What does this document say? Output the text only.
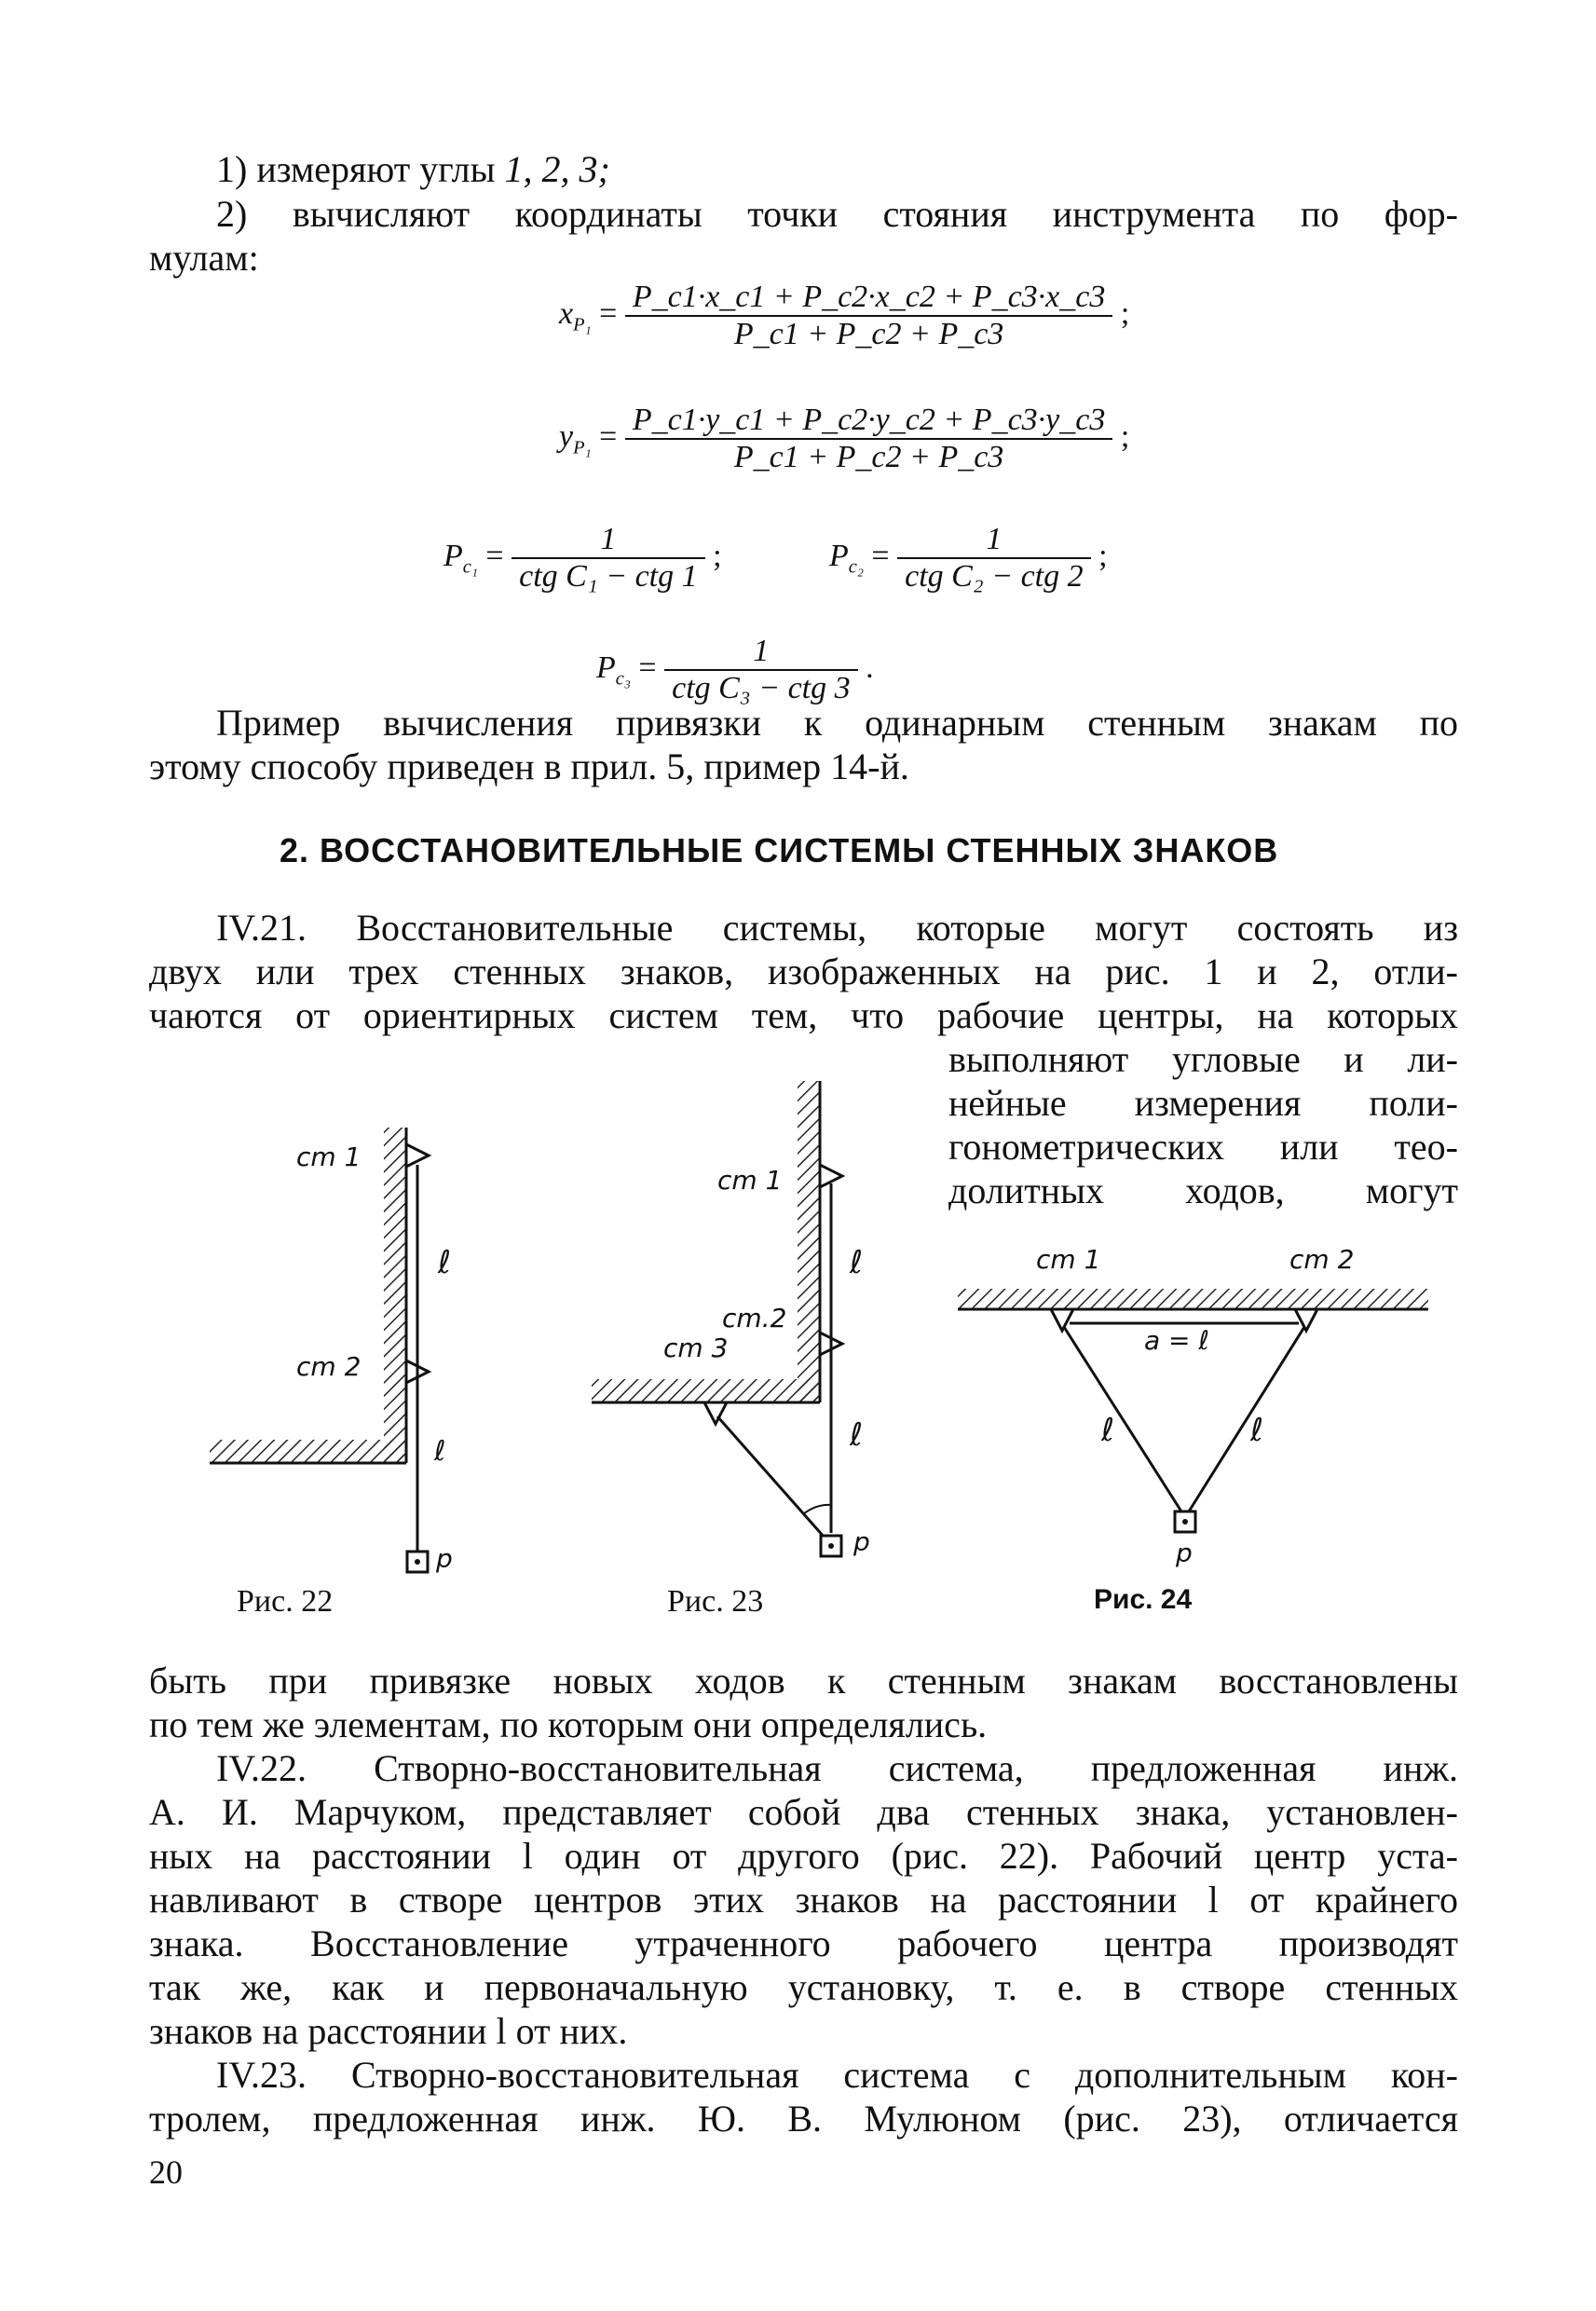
1) измеряют углы 1, 2, 3;
2) вычисляют координаты точки стояния инструмента по фор-
мулам:
$x_{P_1} = \frac{P\_c1\cdot x\_c1 + P\_c2\cdot x\_c2 + P\_c3\cdot x\_c3}{P\_c1 + P\_c2 + P\_c3}$ ;
$y_{P_1} = \frac{P\_c1\cdot y\_c1 + P\_c2\cdot y\_c2 + P\_c3\cdot y\_c3}{P\_c1 + P\_c2 + P\_c3}$ ;
$P_{c_1} = \frac{1}{\text{ctg C₁ − ctg 1}}$ ;	$P_{c_2} = \frac{1}{\text{ctg C₂ − ctg 2}}$ ;
$P_{c_3} = \frac{1}{\text{ctg C₃ − ctg 3}}$ .
Пример вычисления привязки к одинарным стенным знакам по
этому способу приведен в прил. 5, пример 14-й.
2. ВОССТАНОВИТЕЛЬНЫЕ СИСТЕМЫ СТЕННЫХ ЗНАКОВ
IV.21. Восстановительные системы, которые могут состоять из
двух или трех стенных знаков, изображенных на рис. 1 и 2, отли-
чаются от ориентирных систем тем, что рабочие центры, на которых
выполняют угловые и ли-
нейные измерения поли-
гонометрических или тео-
долитных ходов, могут
cm 1
cm 2
ℓ
ℓ
p
Рис. 22
cm 1
cm.2
cm 3
ℓ
ℓ
p
Рис. 23
cm 1	cm 2
a = ℓ
ℓ	ℓ
p
Рис. 24
быть при привязке новых ходов к стенным знакам восстановлены
по тем же элементам, по которым они определялись.
IV.22. Створно-восстановительная система, предложенная инж.
А. И. Марчуком, представляет собой два стенных знака, установлен-
ных на расстоянии l один от другого (рис. 22). Рабочий центр уста-
навливают в створе центров этих знаков на расстоянии l от крайнего
знака. Восстановление утраченного рабочего центра производят
так же, как и первоначальную установку, т. е. в створе стенных
знаков на расстоянии l от них.
IV.23. Створно-восстановительная система с дополнительным кон-
тролем, предложенная инж. Ю. В. Мулюном (рис. 23), отличается
20
